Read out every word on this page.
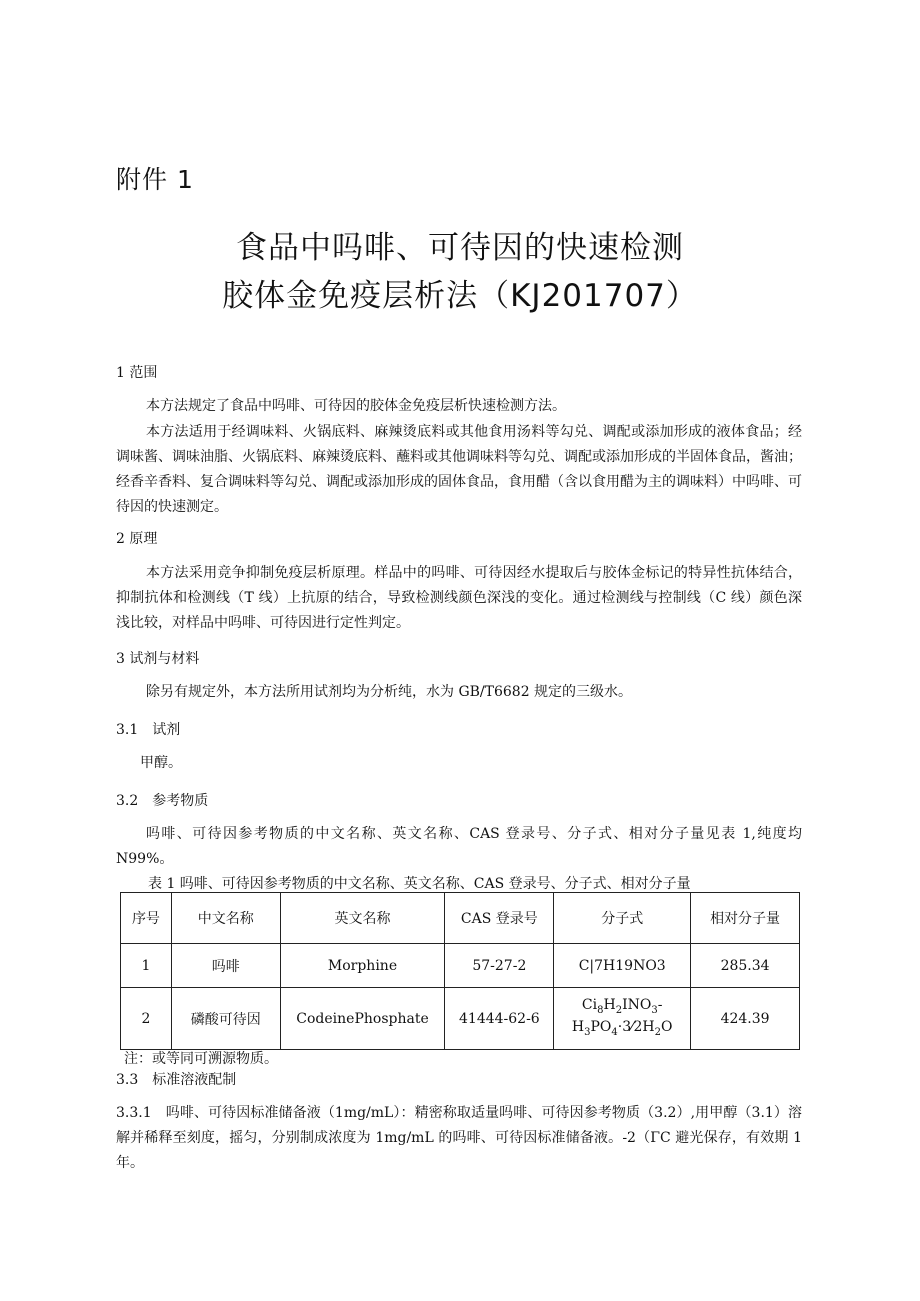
附件 1
食品中吗啡、可待因的快速检测
胶体金免疫层析法（KJ201707）
1 范围
本方法规定了食品中吗啡、可待因的胶体金免疫层析快速检测方法。
本方法适用于经调味料、火锅底料、麻辣烫底料或其他食用汤料等勾兑、调配或添加形成的液体食品；经调味酱、调味油脂、火锅底料、麻辣烫底料、蘸料或其他调味料等勾兑、调配或添加形成的半固体食品，酱油；经香辛香料、复合调味料等勾兑、调配或添加形成的固体食品，食用醋（含以食用醋为主的调味料）中吗啡、可待因的快速测定。
2 原理
本方法采用竞争抑制免疫层析原理。样品中的吗啡、可待因经水提取后与胶体金标记的特异性抗体结合，抑制抗体和检测线（T 线）上抗原的结合，导致检测线颜色深浅的变化。通过检测线与控制线（C 线）颜色深浅比较，对样品中吗啡、可待因进行定性判定。
3 试剂与材料
除另有规定外，本方法所用试剂均为分析纯，水为 GB/T6682 规定的三级水。
3.1　试剂
甲醇。
3.2　参考物质
吗啡、可待因参考物质的中文名称、英文名称、CAS 登录号、分子式、相对分子量见表 1,纯度均 N99%。
表 1 吗啡、可待因参考物质的中文名称、英文名称、CAS 登录号、分子式、相对分子量
序号	中文名称	英文名称	CAS 登录号	分子式	相对分子量
1	吗啡	Morphine	57-27-2	C|7H19NO3	285.34
2	磷酸可待因	CodeinePhosphate	41444-62-6	$Ci_8H_2INO_3-$
$H_3PO_4\cdot 3⁄2H_2O$	424.39
注：或等同可溯源物质。
3.3　标准溶液配制
3.3.1　吗啡、可待因标准储备液（1mg/mL）：精密称取适量吗啡、可待因参考物质（3.2）,用甲醇（3.1）溶解并稀释至刻度，摇匀，分别制成浓度为 1mg/mL 的吗啡、可待因标准储备液。-2（ΓC 避光保存，有效期 1 年。
